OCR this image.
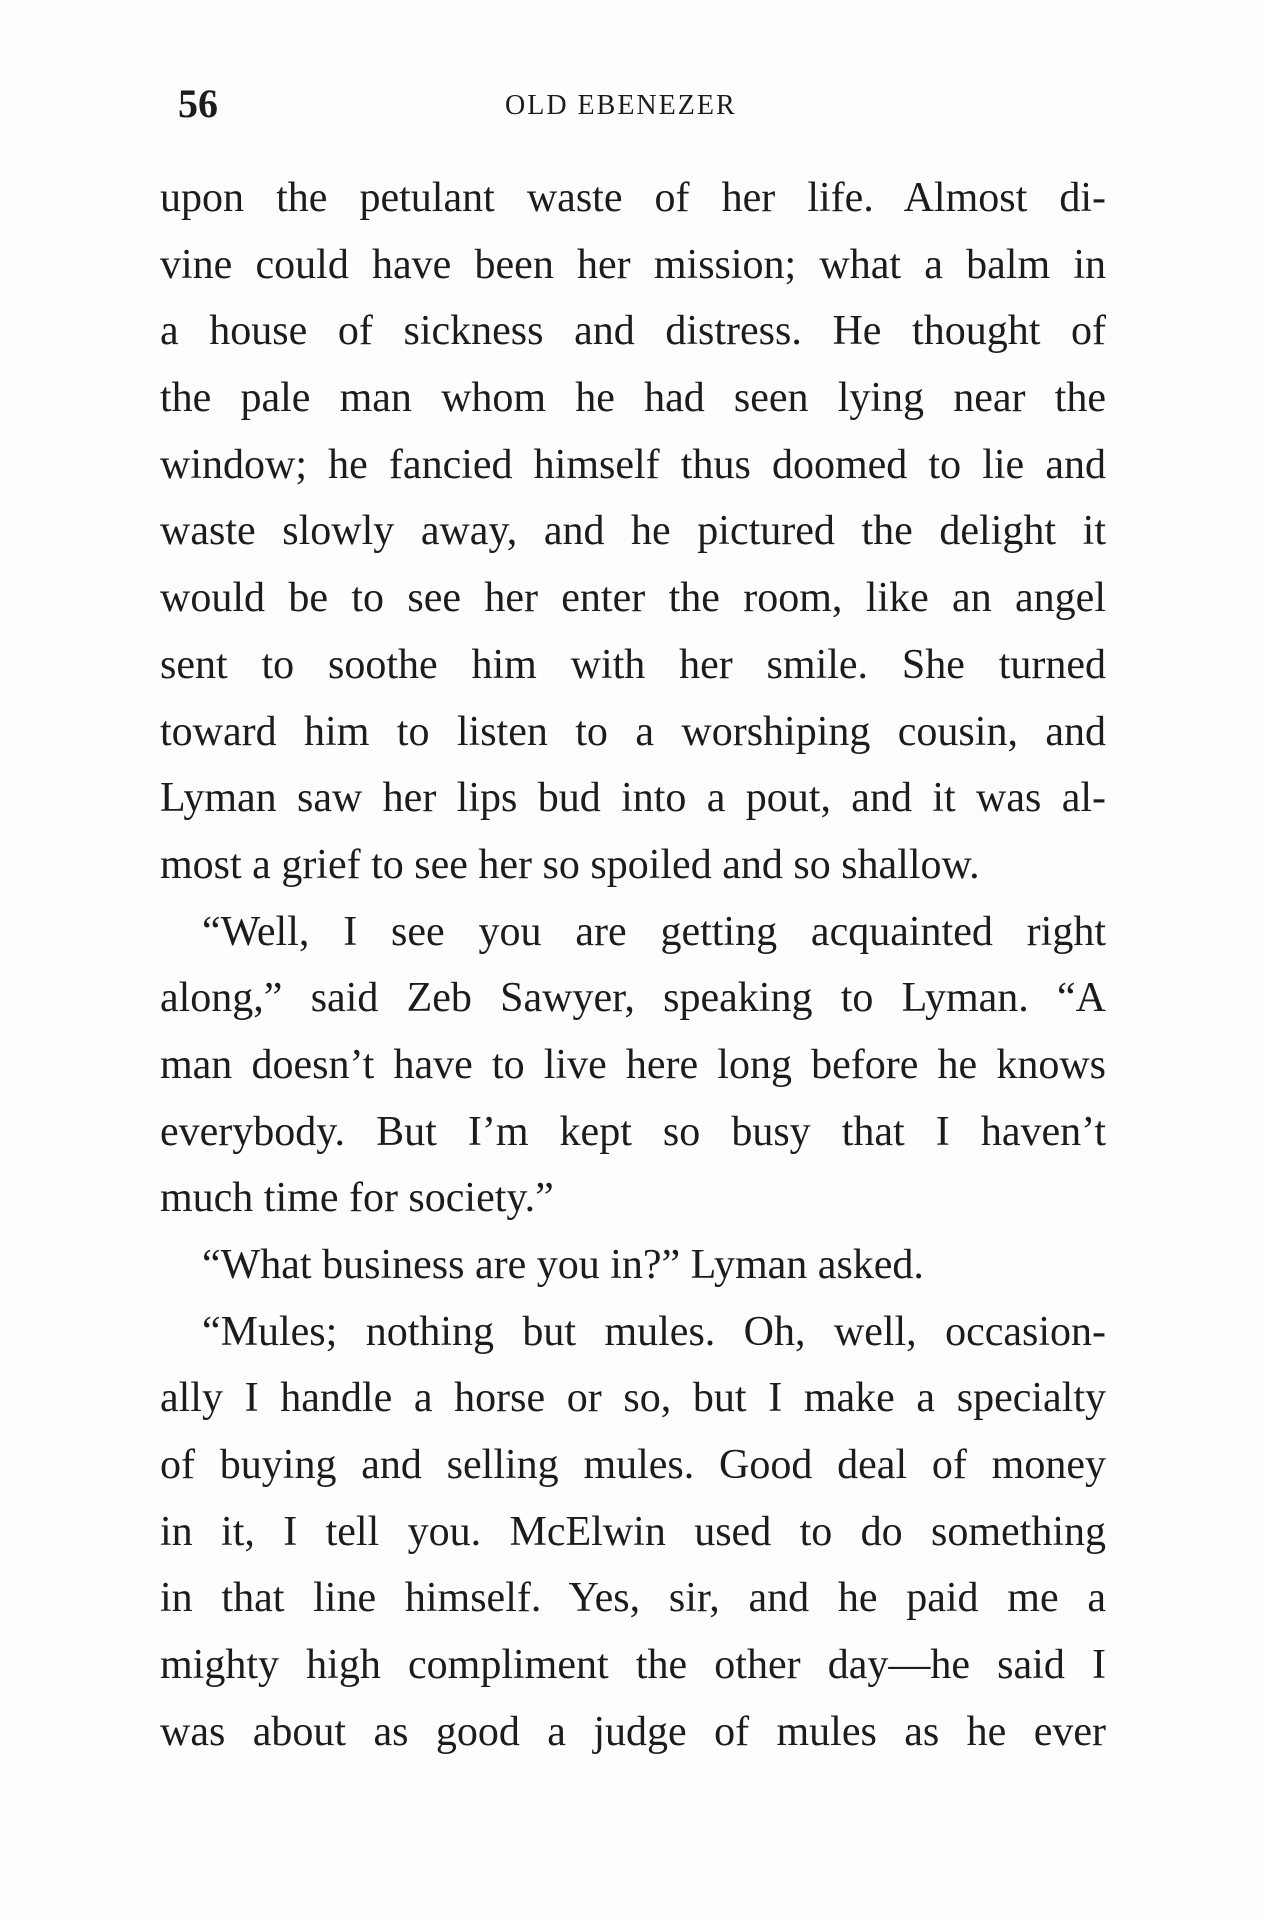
56	OLD EBENEZER
upon the petulant waste of her life. Almost di-
vine could have been her mission; what a balm in
a house of sickness and distress. He thought of
the pale man whom he had seen lying near the
window; he fancied himself thus doomed to lie and
waste slowly away, and he pictured the delight it
would be to see her enter the room, like an angel
sent to soothe him with her smile. She turned
toward him to listen to a worshiping cousin, and
Lyman saw her lips bud into a pout, and it was al-
most a grief to see her so spoiled and so shallow.
“Well, I see you are getting acquainted right
along,” said Zeb Sawyer, speaking to Lyman. “A
man doesn’t have to live here long before he knows
everybody. But I’m kept so busy that I haven’t
much time for society.”
“What business are you in?” Lyman asked.
“Mules; nothing but mules. Oh, well, occasion-
ally I handle a horse or so, but I make a specialty
of buying and selling mules. Good deal of money
in it, I tell you. McElwin used to do something
in that line himself. Yes, sir, and he paid me a
mighty high compliment the other day—he said I
was about as good a judge of mules as he ever
